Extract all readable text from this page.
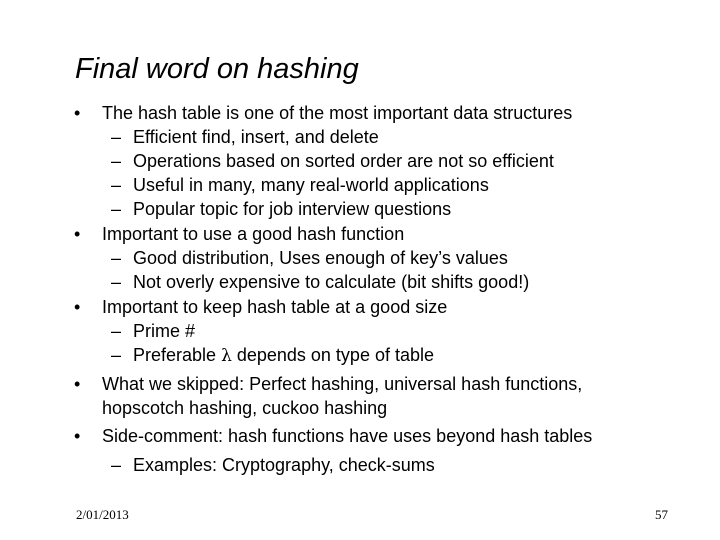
Final word on hashing
• The hash table is one of the most important data structures
– Efficient find, insert, and delete
– Operations based on sorted order are not so efficient
– Useful in many, many real-world applications
– Popular topic for job interview questions
• Important to use a good hash function
– Good distribution, Uses enough of key’s values
– Not overly expensive to calculate (bit shifts good!)
• Important to keep hash table at a good size
– Prime #
– Preferable λ depends on type of table
• What we skipped: Perfect hashing, universal hash functions,
hopscotch hashing, cuckoo hashing
• Side-comment: hash functions have uses beyond hash tables
– Examples: Cryptography, check-sums
2/01/2013	57
